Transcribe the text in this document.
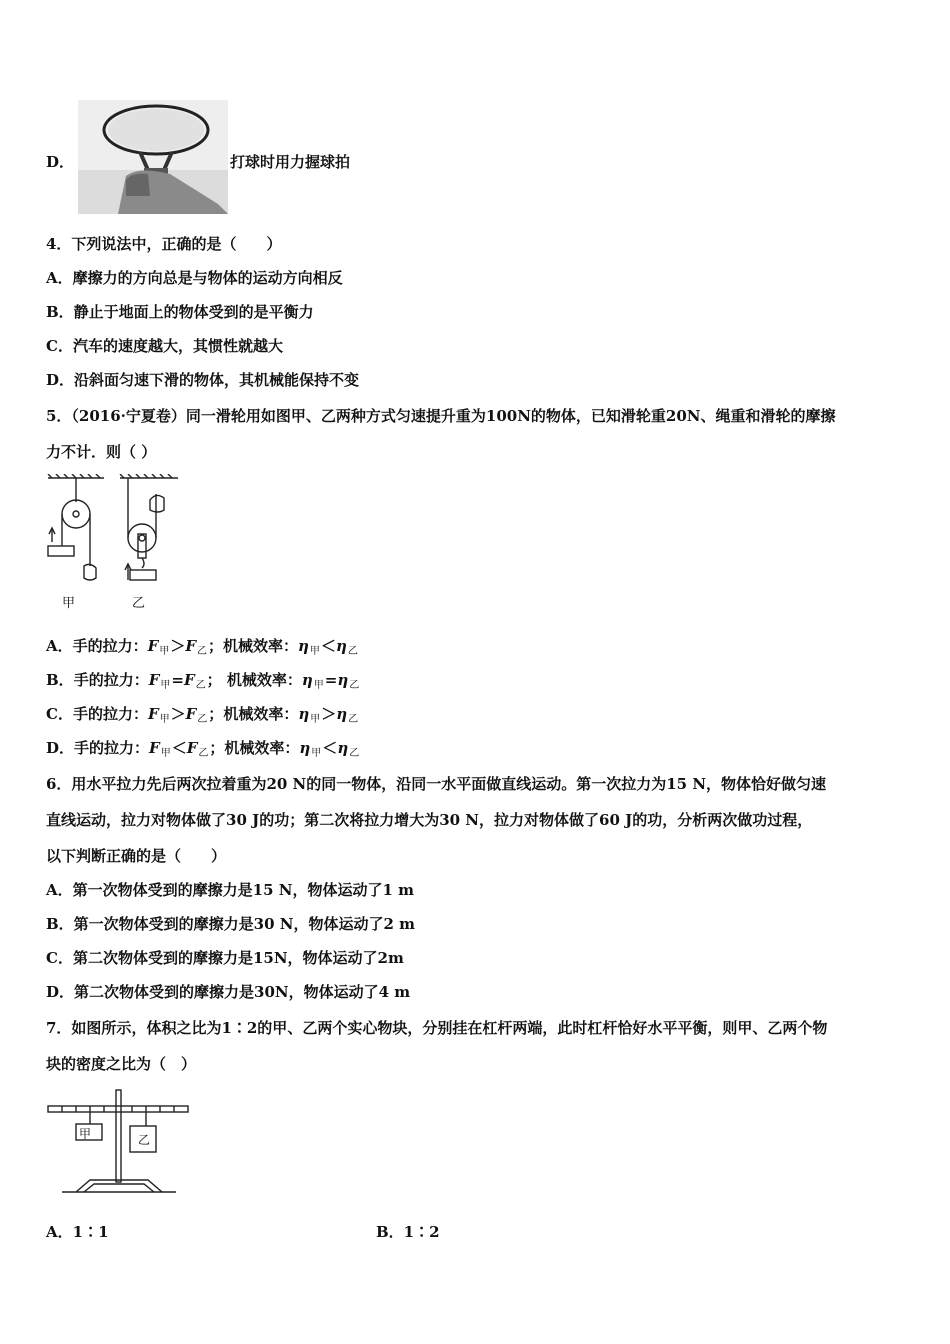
D．	打球时用力握球拍
4．下列说法中，正确的是（　　）
A．摩擦力的方向总是与物体的运动方向相反
B．静止于地面上的物体受到的是平衡力
C．汽车的速度越大，其惯性就越大
D．沿斜面匀速下滑的物体，其机械能保持不变
5．（2016·宁夏卷）同一滑轮用如图甲、乙两种方式匀速提升重为100N的物体，已知滑轮重20N、绳重和滑轮的摩擦
力不计．则（ ）
甲	乙
A．手的拉力：$F_甲>F_乙$；机械效率：$\eta_甲<\eta_乙$
B．手的拉力：$F_甲=F_乙$； 机械效率：$\eta_甲=\eta_乙$
C．手的拉力：$F_甲>F_乙$；机械效率：$\eta_甲>\eta_乙$
D．手的拉力：$F_甲<F_乙$；机械效率：$\eta_甲<\eta_乙$
6．用水平拉力先后两次拉着重为20 N的同一物体，沿同一水平面做直线运动。第一次拉力为15 N，物体恰好做匀速
直线运动，拉力对物体做了30 J的功；第二次将拉力增大为30 N，拉力对物体做了60 J的功，分析两次做功过程，
以下判断正确的是（　　）
A．第一次物体受到的摩擦力是15 N，物体运动了1 m
B．第一次物体受到的摩擦力是30 N，物体运动了2 m
C．第二次物体受到的摩擦力是15N，物体运动了2m
D．第二次物体受到的摩擦力是30N，物体运动了4 m
7．如图所示，体积之比为1∶2的甲、乙两个实心物块，分别挂在杠杆两端，此时杠杆恰好水平平衡，则甲、乙两个物
块的密度之比为（　）
甲	乙
A．1∶1	B．1∶2
